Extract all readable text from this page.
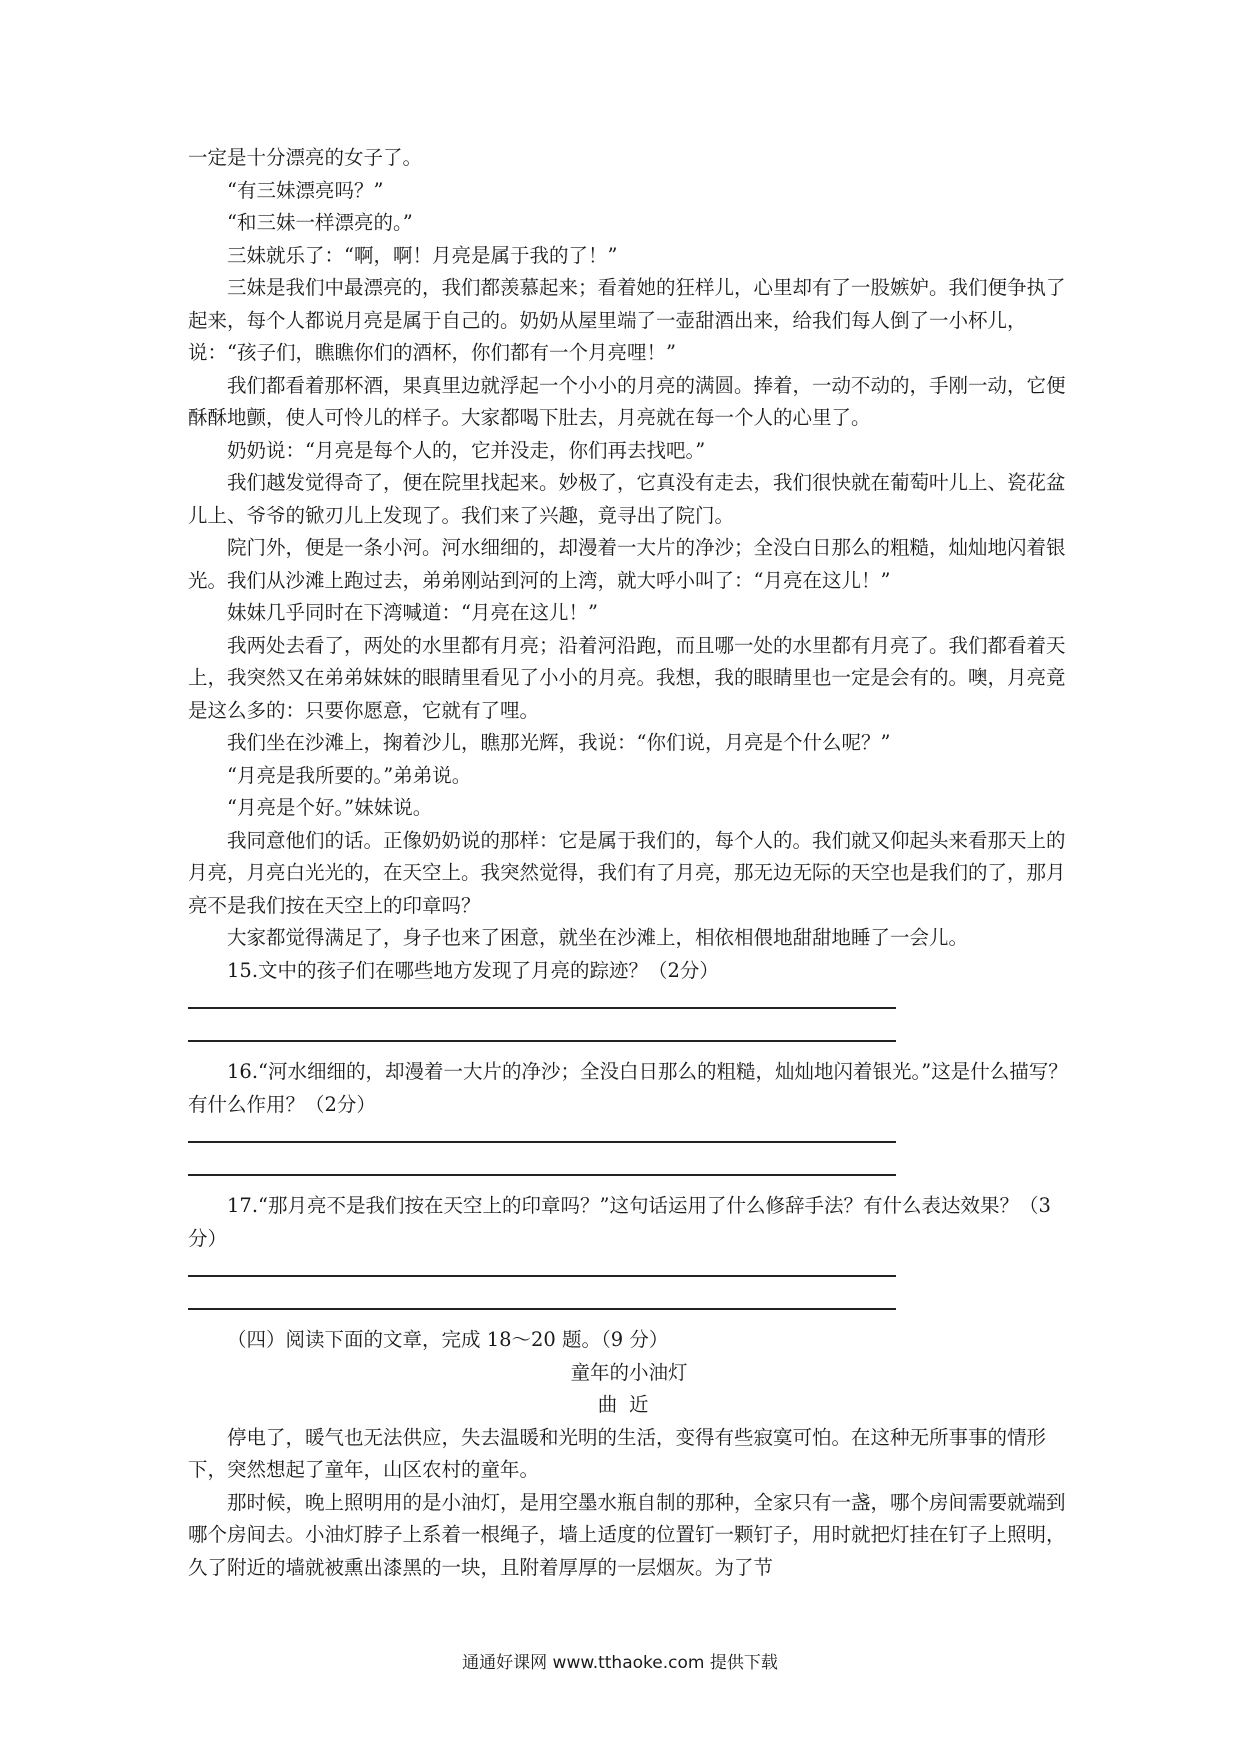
一定是十分漂亮的女子了。

“有三妹漂亮吗？”

“和三妹一样漂亮的。”

三妹就乐了：“啊，啊！月亮是属于我的了！”

三妹是我们中最漂亮的，我们都羡慕起来；看着她的狂样儿，心里却有了一股嫉妒。我们便争执了起来，每个人都说月亮是属于自己的。奶奶从屋里端了一壶甜酒出来，给我们每人倒了一小杯儿，说：“孩子们，瞧瞧你们的酒杯，你们都有一个月亮哩！”

我们都看着那杯酒，果真里边就浮起一个小小的月亮的满圆。捧着，一动不动的，手刚一动，它便酥酥地颤，使人可怜儿的样子。大家都喝下肚去，月亮就在每一个人的心里了。

奶奶说：“月亮是每个人的，它并没走，你们再去找吧。”

我们越发觉得奇了，便在院里找起来。妙极了，它真没有走去，我们很快就在葡萄叶儿上、瓷花盆儿上、爷爷的锨刃儿上发现了。我们来了兴趣，竟寻出了院门。

院门外，便是一条小河。河水细细的，却漫着一大片的净沙；全没白日那么的粗糙，灿灿地闪着银光。我们从沙滩上跑过去，弟弟刚站到河的上湾，就大呼小叫了：“月亮在这儿！”

妹妹几乎同时在下湾喊道：“月亮在这儿！”

我两处去看了，两处的水里都有月亮；沿着河沿跑，而且哪一处的水里都有月亮了。我们都看着天上，我突然又在弟弟妹妹的眼睛里看见了小小的月亮。我想，我的眼睛里也一定是会有的。噢，月亮竟是这么多的：只要你愿意，它就有了哩。

我们坐在沙滩上，掬着沙儿，瞧那光辉，我说：“你们说，月亮是个什么呢？”

“月亮是我所要的。”弟弟说。

“月亮是个好。”妹妹说。

我同意他们的话。正像奶奶说的那样：它是属于我们的，每个人的。我们就又仰起头来看那天上的月亮，月亮白光光的，在天空上。我突然觉得，我们有了月亮，那无边无际的天空也是我们的了，那月亮不是我们按在天空上的印章吗？

大家都觉得满足了，身子也来了困意，就坐在沙滩上，相依相偎地甜甜地睡了一会儿。

15.文中的孩子们在哪些地方发现了月亮的踪迹？（2分）

16.“河水细细的，却漫着一大片的净沙；全没白日那么的粗糙，灿灿地闪着银光。”这是什么描写？有什么作用？（2分）

17.“那月亮不是我们按在天空上的印章吗？”这句话运用了什么修辞手法？有什么表达效果？（3分）

（四）阅读下面的文章，完成 18～20 题。（9 分）

童年的小油灯

曲近

停电了，暖气也无法供应，失去温暖和光明的生活，变得有些寂寞可怕。在这种无所事事的情形下，突然想起了童年，山区农村的童年。

那时候，晚上照明用的是小油灯，是用空墨水瓶自制的那种，全家只有一盏，哪个房间需要就端到哪个房间去。小油灯脖子上系着一根绳子，墙上适度的位置钉一颗钉子，用时就把灯挂在钉子上照明，久了附近的墙就被熏出漆黑的一块，且附着厚厚的一层烟灰。为了节

通通好课网 www.tthaoke.com 提供下载
